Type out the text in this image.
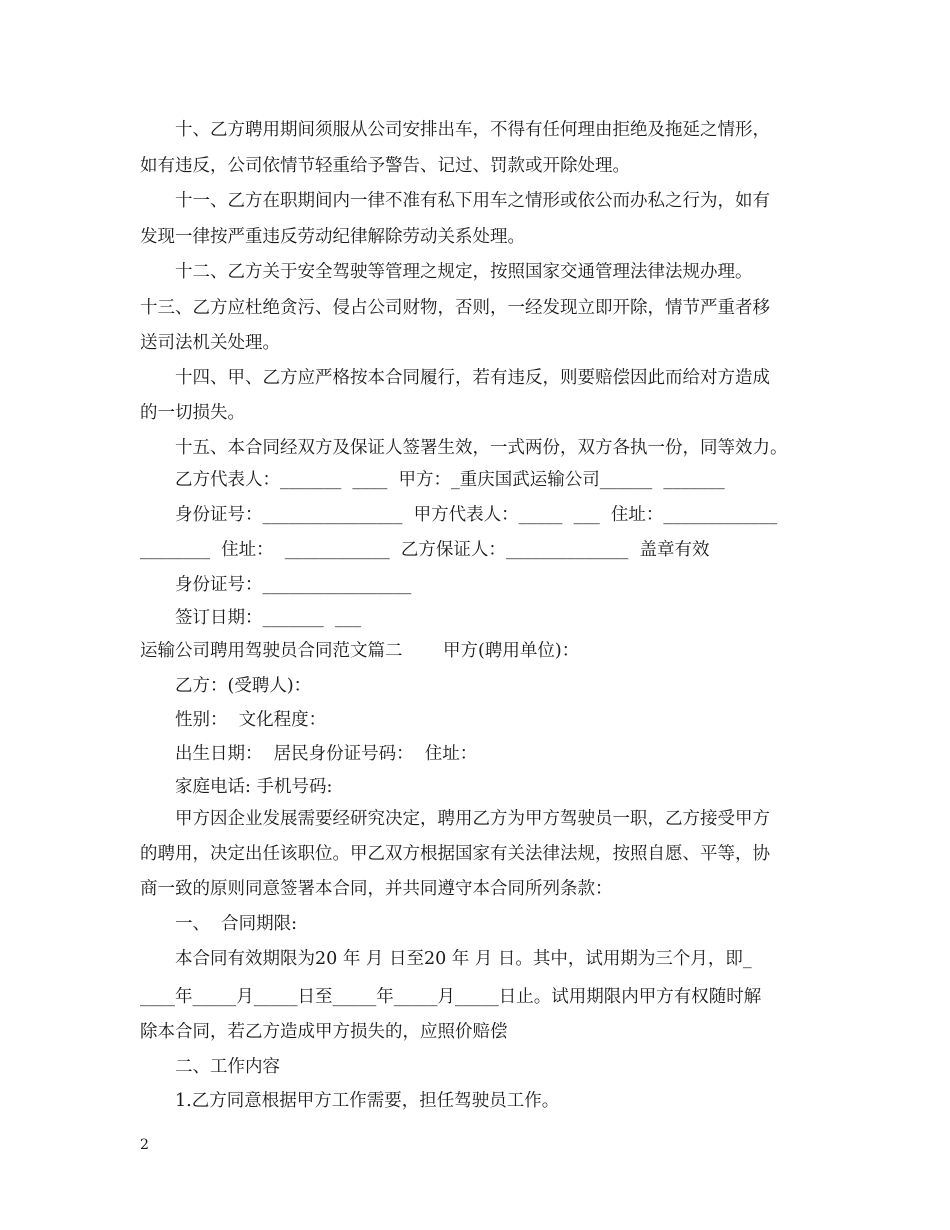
　　十、乙方聘用期间须服从公司安排出车，不得有任何理由拒绝及拖延之情形，
如有违反，公司依情节轻重给予警告、记过、罚款或开除处理。
　　十一、乙方在职期间内一律不准有私下用车之情形或依公而办私之行为，如有
发现一律按严重违反劳动纪律解除劳动关系处理。
　　十二、乙方关于安全驾驶等管理之规定，按照国家交通管理法律法规办理。
十三、乙方应杜绝贪污、侵占公司财物，否则，一经发现立即开除，情节严重者移
送司法机关处理。
　　十四、甲、乙方应严格按本合同履行，若有违反，则要赔偿因此而给对方造成
的一切损失。
　　十五、本合同经双方及保证人签署生效，一式两份，双方各执一份，同等效力。
　　乙方代表人：_______  ____  甲方：_重庆国武运输公司______  _______
　　身份证号：________________  甲方代表人：_____  ___  住址：_____________
________  住址：  ____________  乙方保证人：______________  盖章有效
　　身份证号：_________________
　　签订日期：_______  ___
运输公司聘用驾驶员合同范文篇二　　 甲方(聘用单位)：
　　乙方：(受聘人)：
　　性别：  文化程度：
　　出生日期：  居民身份证号码：  住址：
　　家庭电话: 手机号码:
　　甲方因企业发展需要经研究决定，聘用乙方为甲方驾驶员一职，乙方接受甲方
的聘用，决定出任该职位。甲乙双方根据国家有关法律法规，按照自愿、平等，协
商一致的原则同意签署本合同，并共同遵守本合同所列条款：
　　一、  合同期限:
　　本合同有效期限为20 年 月 日至20 年 月 日。其中，试用期为三个月，即_
____年_____月_____日至_____年_____月_____日止。试用期限内甲方有权随时解
除本合同，若乙方造成甲方损失的，应照价赔偿
　　二、工作内容
　　1.乙方同意根据甲方工作需要，担任驾驶员工作。
2
